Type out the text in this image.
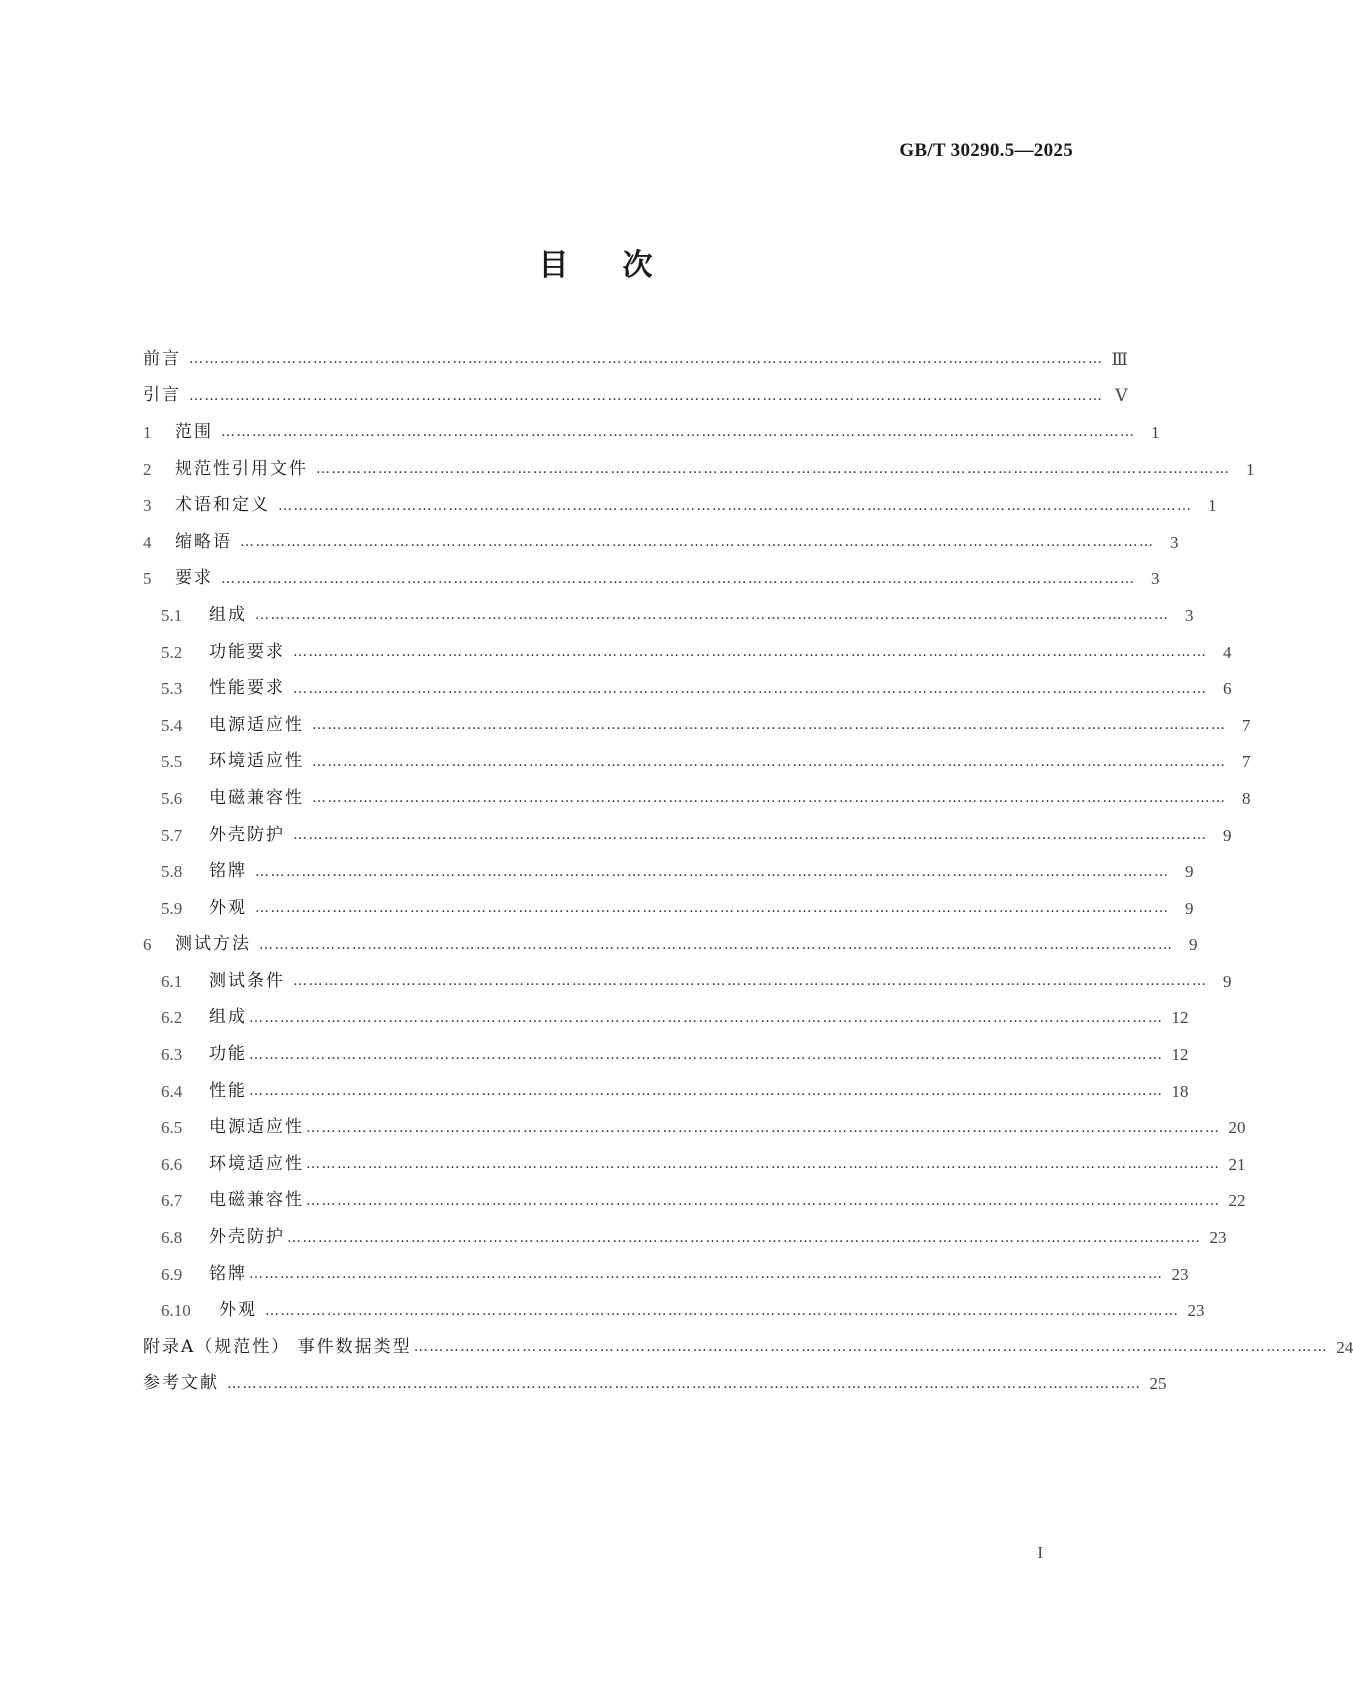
GB/T 30290.5—2025
目次
前言 …………………………………………………………………………………………………………………………………………………………… Ⅲ
引言 …………………………………………………………………………………………………………………………………………………………… Ⅴ
1	范围 …………………………………………………………………………………………………………………………………………………………… 1
2	规范性引用文件 …………………………………………………………………………………………………………………………………………………………… 1
3	术语和定义 …………………………………………………………………………………………………………………………………………………………… 1
4	缩略语 …………………………………………………………………………………………………………………………………………………………… 3
5	要求 …………………………………………………………………………………………………………………………………………………………… 3
5.1	组成 …………………………………………………………………………………………………………………………………………………………… 3
5.2	功能要求 …………………………………………………………………………………………………………………………………………………………… 4
5.3	性能要求 …………………………………………………………………………………………………………………………………………………………… 6
5.4	电源适应性 …………………………………………………………………………………………………………………………………………………………… 7
5.5	环境适应性 …………………………………………………………………………………………………………………………………………………………… 7
5.6	电磁兼容性 …………………………………………………………………………………………………………………………………………………………… 8
5.7	外壳防护 …………………………………………………………………………………………………………………………………………………………… 9
5.8	铭牌 …………………………………………………………………………………………………………………………………………………………… 9
5.9	外观 …………………………………………………………………………………………………………………………………………………………… 9
6	测试方法 …………………………………………………………………………………………………………………………………………………………… 9
6.1	测试条件 …………………………………………………………………………………………………………………………………………………………… 9
6.2	组成 …………………………………………………………………………………………………………………………………………………………… 12
6.3	功能 …………………………………………………………………………………………………………………………………………………………… 12
6.4	性能 …………………………………………………………………………………………………………………………………………………………… 18
6.5	电源适应性 …………………………………………………………………………………………………………………………………………………………… 20
6.6	环境适应性 …………………………………………………………………………………………………………………………………………………………… 21
6.7	电磁兼容性 …………………………………………………………………………………………………………………………………………………………… 22
6.8	外壳防护 …………………………………………………………………………………………………………………………………………………………… 23
6.9	铭牌 …………………………………………………………………………………………………………………………………………………………… 23
6.10	外观 …………………………………………………………………………………………………………………………………………………………… 23
附录A（规范性） 事件数据类型 …………………………………………………………………………………………………………………………………………………………… 24
参考文献 …………………………………………………………………………………………………………………………………………………………… 25
I
